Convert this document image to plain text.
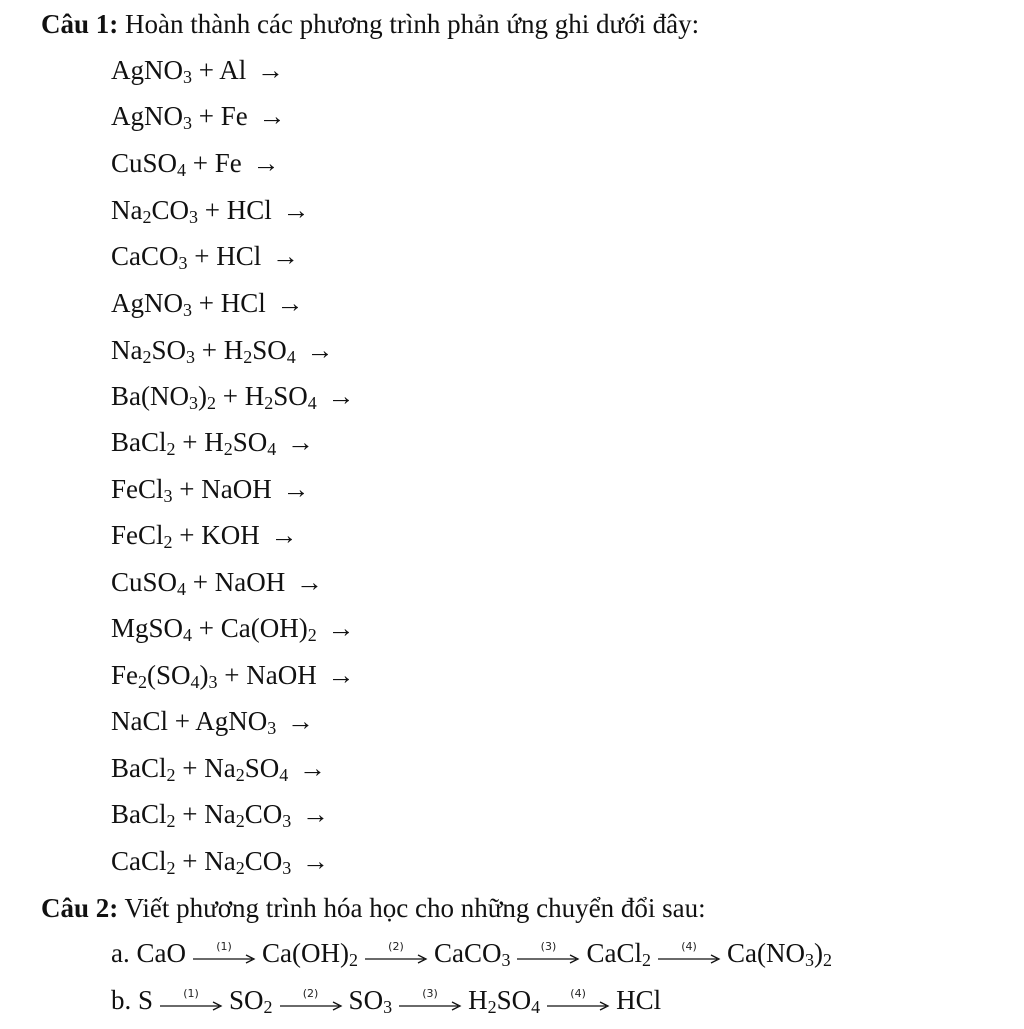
Câu 1: Hoàn thành các phương trình phản ứng ghi dưới đây:
AgNO$_3$ + Al →
AgNO$_3$ + Fe →
CuSO$_4$ + Fe →
$Na_2CO_3$ + HCl →
CaCO$_3$ + HCl →
AgNO$_3$ + HCl →
$Na_2SO_3 + H_2SO_4$ →
$Ba(NO_3)_2 + H_2SO_4$ →
BaCl$_2$ + $H_2SO_4$ →
FeCl$_3$ + NaOH →
FeCl$_2$ + KOH →
CuSO$_4$ + NaOH →
MgSO$_4$ + $Ca(OH)_2$ →
$Fe_2(SO_4)_3$ + NaOH →
NaCl + AgNO$_3$ →
BaCl$_2$ + $Na_2SO_4$ →
BaCl$_2$ + $Na_2CO_3$ →
CaCl$_2$ + $Na_2CO_3$ →
Câu 2: Viết phương trình hóa học cho những chuyển đổi sau:
a. CaO	(1)	$Ca(OH)_2$
(2)	CaCO$_3$
(3)	CaCl$_2$
(4)	$Ca(NO_3)_2$
b. S	(1)	$SO_2$
(2)	$SO_3$
(3)	$H_2SO_4$
(4)	HCl
